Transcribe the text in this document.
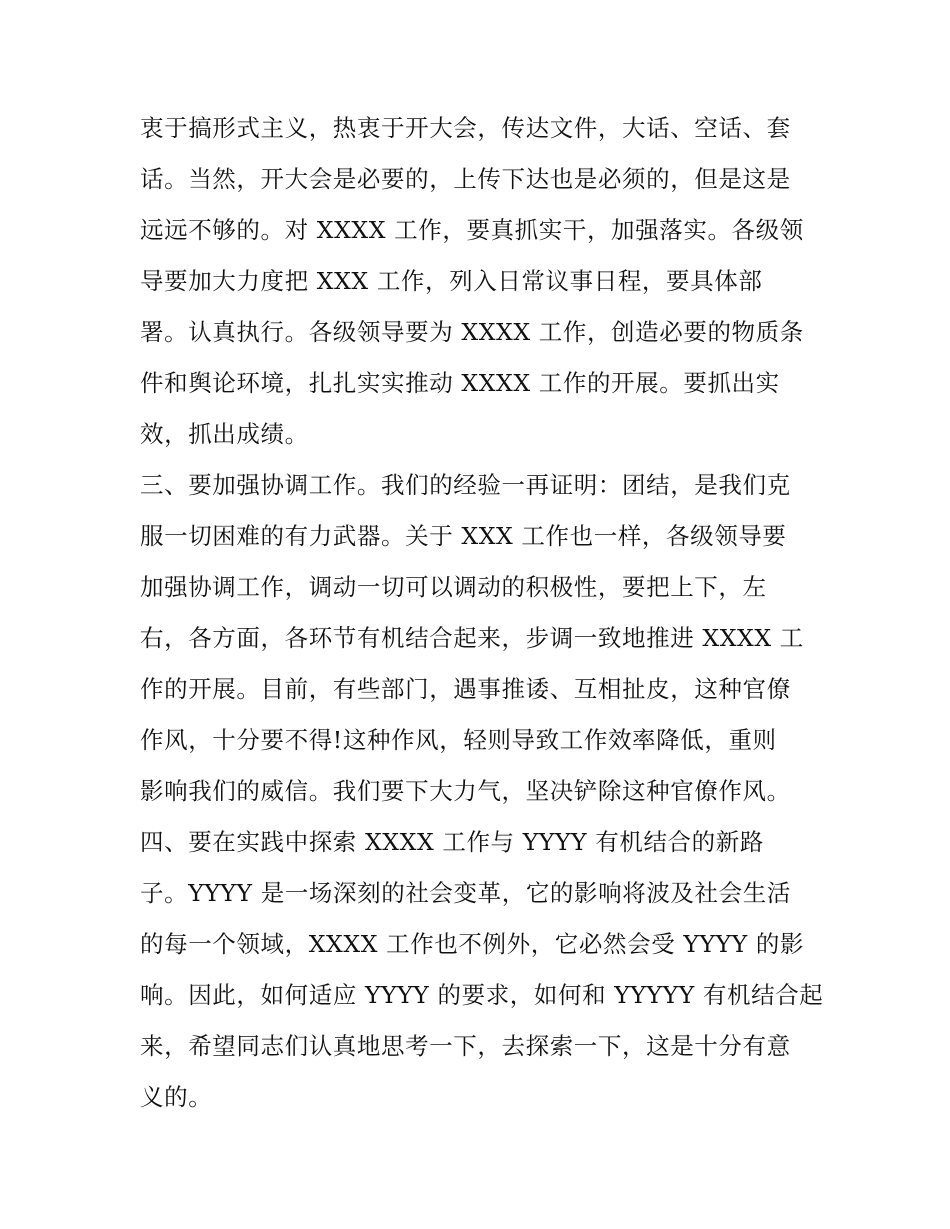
衷于搞形式主义，热衷于开大会，传达文件，大话、空话、套
话。当然，开大会是必要的，上传下达也是必须的，但是这是
远远不够的。对 XXXX 工作，要真抓实干，加强落实。各级领
导要加大力度把 XXX 工作，列入日常议事日程，要具体部
署。认真执行。各级领导要为 XXXX 工作，创造必要的物质条
件和舆论环境，扎扎实实推动 XXXX 工作的开展。要抓出实
效，抓出成绩。
三、要加强协调工作。我们的经验一再证明：团结，是我们克
服一切困难的有力武器。关于 XXX 工作也一样，各级领导要
加强协调工作，调动一切可以调动的积极性，要把上下，左
右，各方面，各环节有机结合起来，步调一致地推进 XXXX 工
作的开展。目前，有些部门，遇事推诿、互相扯皮，这种官僚
作风，十分要不得!这种作风，轻则导致工作效率降低，重则
影响我们的威信。我们要下大力气，坚决铲除这种官僚作风。
四、要在实践中探索 XXXX 工作与 YYYY 有机结合的新路
子。YYYY 是一场深刻的社会变革，它的影响将波及社会生活
的每一个领域，XXXX 工作也不例外，它必然会受 YYYY 的影
响。因此，如何适应 YYYY 的要求，如何和 YYYYY 有机结合起
来，希望同志们认真地思考一下，去探索一下，这是十分有意
义的。
